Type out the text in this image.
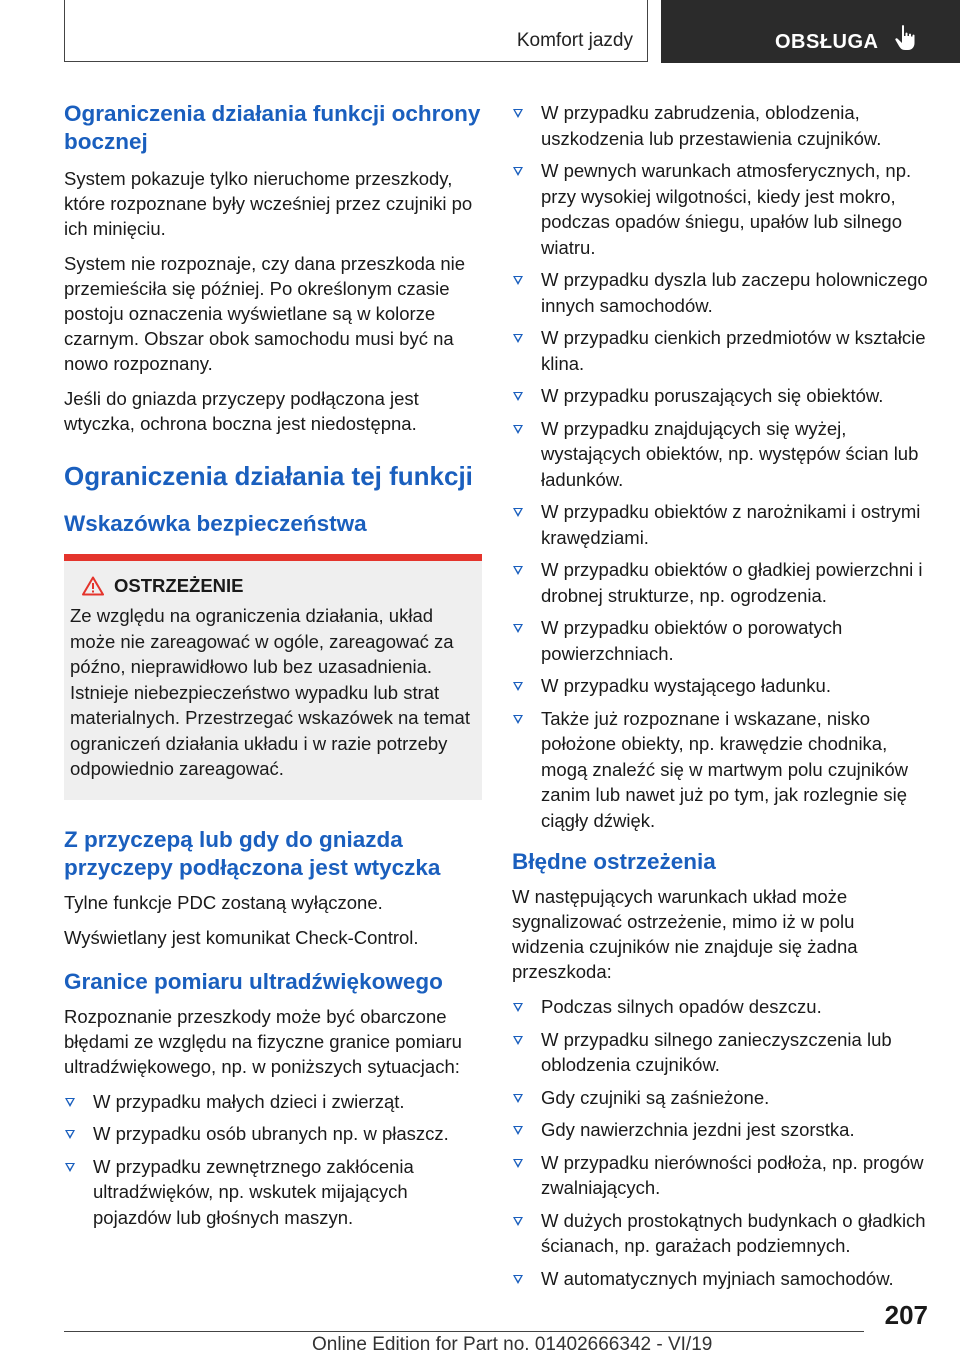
Komfort jazdy	OBSŁUGA
Ograniczenia działania funkcji ochrony bocznej

System pokazuje tylko nieruchome przeszkody, które rozpoznane były wcześniej przez czujniki po ich minięciu.

System nie rozpoznaje, czy dana przeszkoda nie przemieściła się później. Po określonym czasie postoju oznaczenia wyświetlane są w kolorze czarnym. Obszar obok samochodu musi być na nowo rozpoznany.

Jeśli do gniazda przyczepy podłączona jest wtyczka, ochrona boczna jest niedostępna.

Ograniczenia działania tej funkcji
Wskazówka bezpieczeństwa
OSTRZEŻENIE

Ze względu na ograniczenia działania, układ może nie zareagować w ogóle, zareagować za późno, nieprawidłowo lub bez uzasadnienia. Istnieje niebezpieczeństwo wypadku lub strat materialnych. Przestrzegać wskazówek na temat ograniczeń działania układu i w razie potrzeby odpowiednio zareagować.

Z przyczepą lub gdy do gniazda przyczepy podłączona jest wtyczka

Tylne funkcje PDC zostaną wyłączone.

Wyświetlany jest komunikat Check-Control.

Granice pomiaru ultradźwiękowego

Rozpoznanie przeszkody może być obarczone błędami ze względu na fizyczne granice pomiaru ultradźwiękowego, np. w poniższych sytuacjach:

W przypadku małych dzieci i zwierząt.
W przypadku osób ubranych np. w płaszcz.
W przypadku zewnętrznego zakłócenia ultradźwięków, np. wskutek mijających pojazdów lub głośnych maszyn.
W przypadku zabrudzenia, oblodzenia, uszkodzenia lub przestawienia czujników.
W pewnych warunkach atmosferycznych, np. przy wysokiej wilgotności, kiedy jest mokro, podczas opadów śniegu, upałów lub silnego wiatru.
W przypadku dyszla lub zaczepu holowniczego innych samochodów.
W przypadku cienkich przedmiotów w kształcie klina.
W przypadku poruszających się obiektów.
W przypadku znajdujących się wyżej, wystających obiektów, np. występów ścian lub ładunków.
W przypadku obiektów z narożnikami i ostrymi krawędziami.
W przypadku obiektów o gładkiej powierzchni i drobnej strukturze, np. ogrodzenia.
W przypadku obiektów o porowatych powierzchniach.
W przypadku wystającego ładunku.
Także już rozpoznane i wskazane, nisko położone obiekty, np. krawędzie chodnika, mogą znaleźć się w martwym polu czujników zanim lub nawet już po tym, jak rozlegnie się ciągły dźwięk.
Błędne ostrzeżenia

W następujących warunkach układ może sygnalizować ostrzeżenie, mimo iż w polu widzenia czujników nie znajduje się żadna przeszkoda:

Podczas silnych opadów deszczu.
W przypadku silnego zanieczyszczenia lub oblodzenia czujników.
Gdy czujniki są zaśnieżone.
Gdy nawierzchnia jezdni jest szorstka.
W przypadku nierówności podłoża, np. progów zwalniających.
W dużych prostokątnych budynkach o gładkich ścianach, np. garażach podziemnych.
W automatycznych myjniach samochodów.
207
Online Edition for Part no. 01402666342 - VI/19
